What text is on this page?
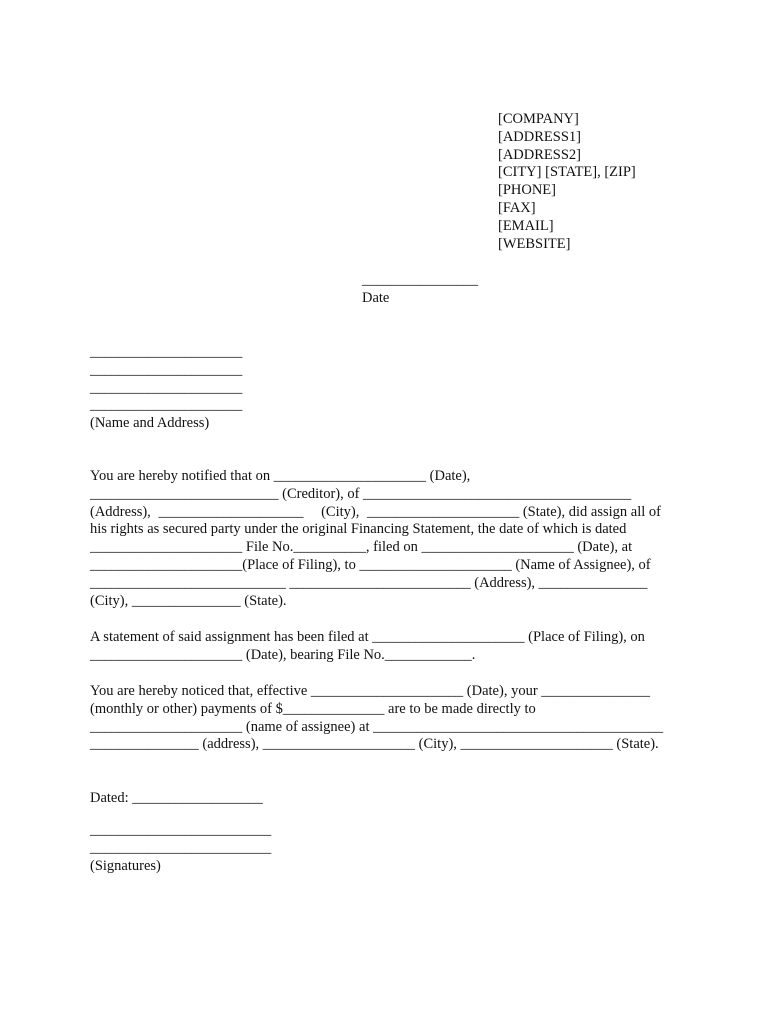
[COMPANY]
[ADDRESS1]
[ADDRESS2]
[CITY] [STATE], [ZIP]
[PHONE]
[FAX]
[EMAIL]
[WEBSITE]
________________
Date
_____________________
_____________________
_____________________
_____________________
(Name and Address)
You are hereby notified that on _____________________ (Date),
__________________________ (Creditor), of _____________________________________
(Address), ____________________ (City), _____________________ (State), did assign all of
his rights as secured party under the original Financing Statement, the date of which is dated
_____________________ File No.__________, filed on _____________________ (Date), at
_____________________(Place of Filing), to _____________________ (Name of Assignee), of
___________________________ _________________________ (Address), _______________
(City), _______________ (State).
A statement of said assignment has been filed at _____________________ (Place of Filing), on
_____________________ (Date), bearing File No.____________.
You are hereby noticed that, effective _____________________ (Date), your _______________
(monthly or other) payments of $______________ are to be made directly to
_____________________ (name of assignee) at ________________________________________
_______________ (address), _____________________ (City), _____________________ (State).
Dated: __________________
_________________________
_________________________
(Signatures)
